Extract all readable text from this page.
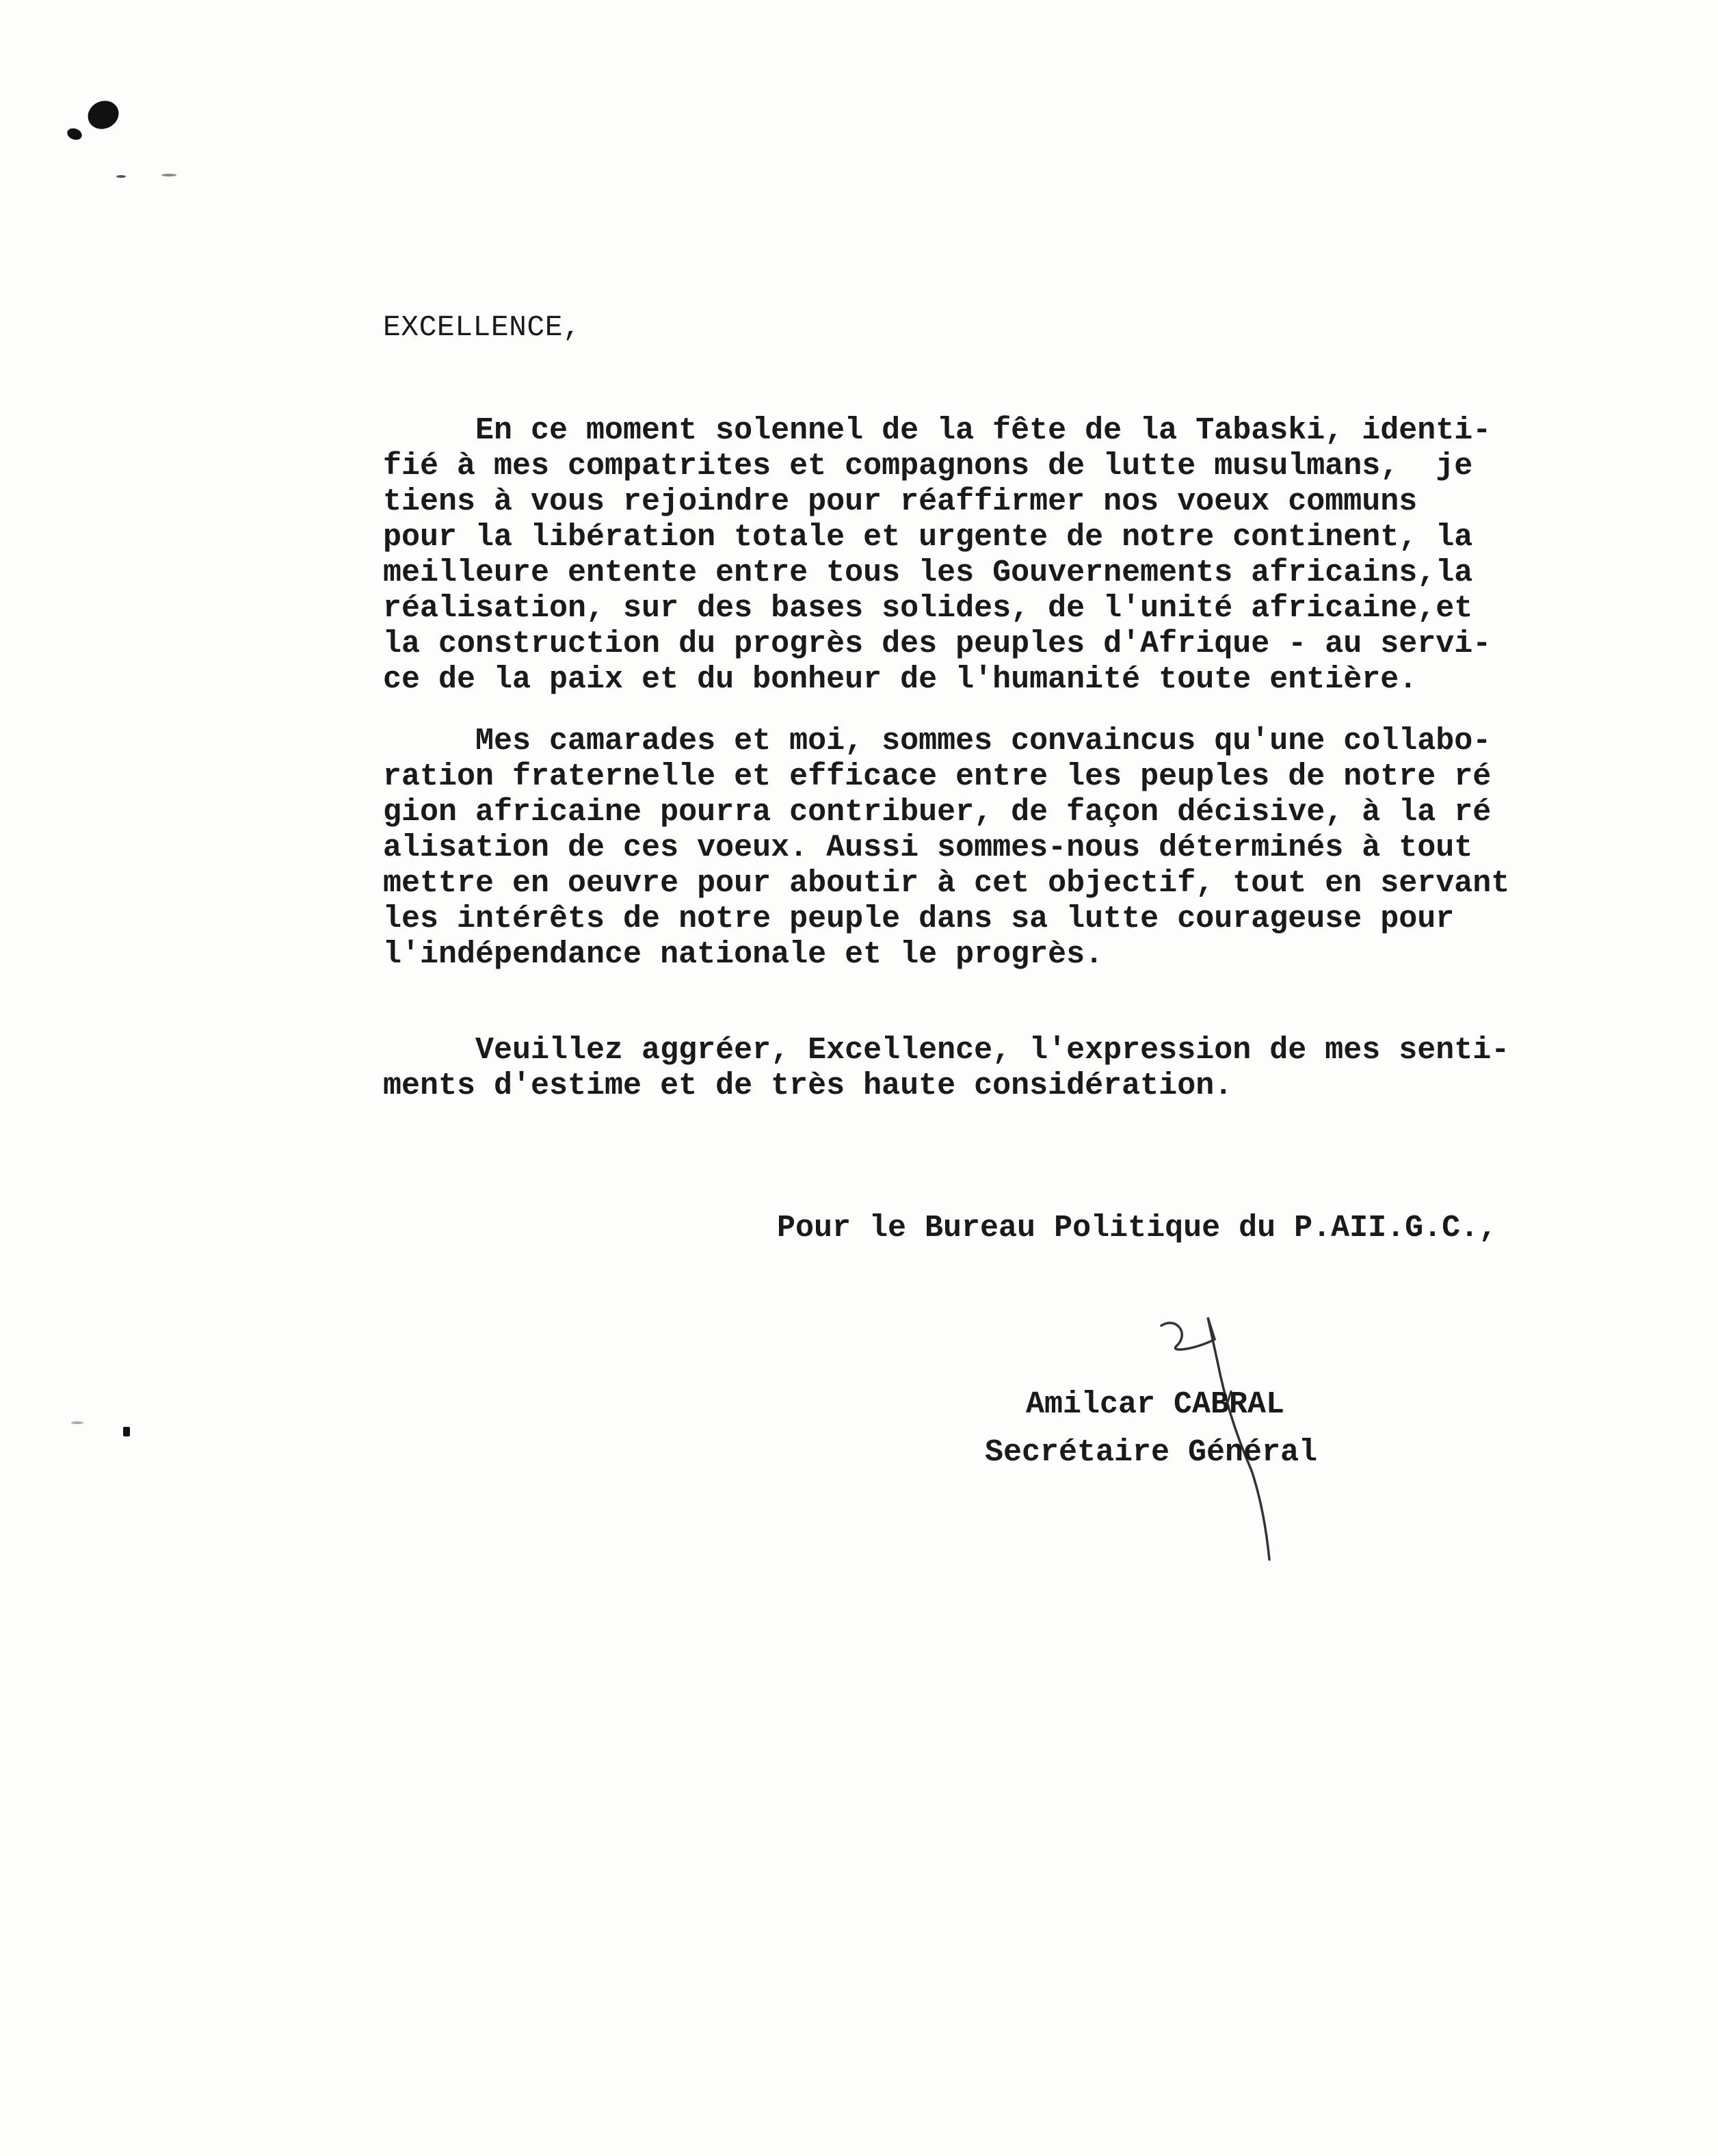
EXCELLENCE,

En ce moment solennel de la fête de la Tabaski, identi-
fié à mes compatrites et compagnons de lutte musulmans,  je
tiens à vous rejoindre pour réaffirmer nos voeux communs
pour la libération totale et urgente de notre continent, la
meilleure entente entre tous les Gouvernements africains,la
réalisation, sur des bases solides, de l'unité africaine,et
la construction du progrès des peuples d'Afrique - au servi-
ce de la paix et du bonheur de l'humanité toute entière.

Mes camarades et moi, sommes convaincus qu'une collabo-
ration fraternelle et efficace entre les peuples de notre ré
gion africaine pourra contribuer, de façon décisive, à la ré
alisation de ces voeux. Aussi sommes-nous déterminés à tout
mettre en oeuvre pour aboutir à cet objectif, tout en servant
les intérêts de notre peuple dans sa lutte courageuse pour
l'indépendance nationale et le progrès.

Veuillez aggréer, Excellence, l'expression de mes senti-
ments d'estime et de très haute considération.

Pour le Bureau Politique du P.AII.G.C.,
Amilcar CABRAL
Secrétaire Général
